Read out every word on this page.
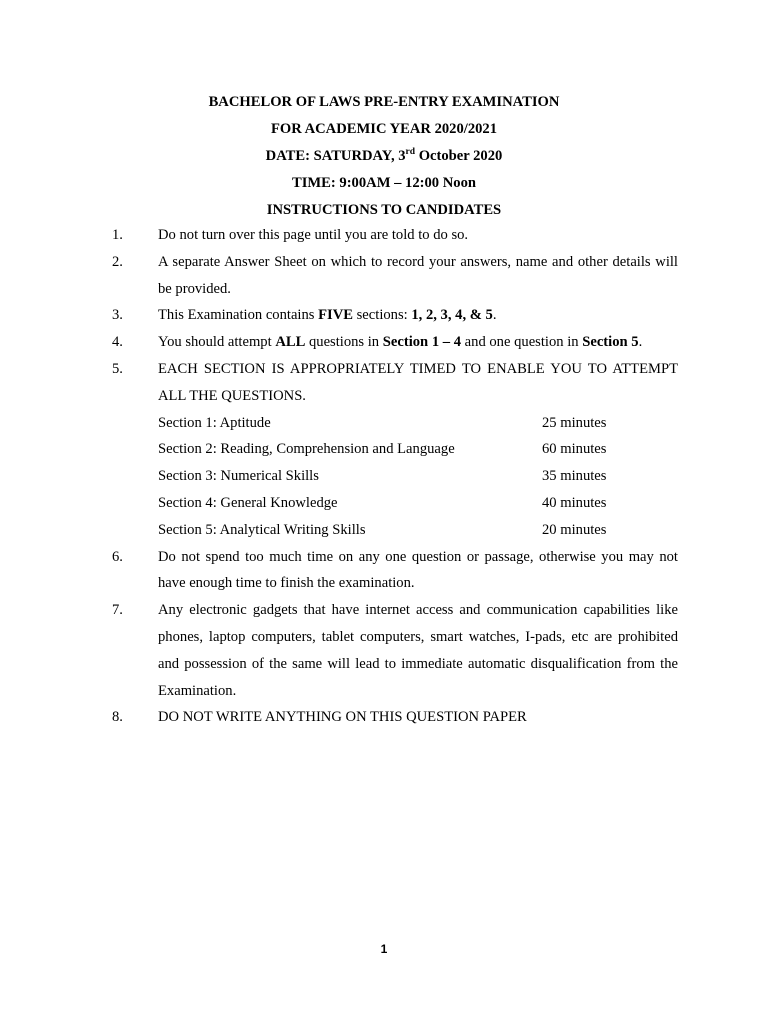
BACHELOR OF LAWS PRE-ENTRY EXAMINATION
FOR ACADEMIC YEAR 2020/2021
DATE: SATURDAY, 3rd October 2020
TIME: 9:00AM – 12:00 Noon
INSTRUCTIONS TO CANDIDATES
1. Do not turn over this page until you are told to do so.
2. A separate Answer Sheet on which to record your answers, name and other details will
be provided.
3. This Examination contains FIVE sections: 1, 2, 3, 4, & 5.
4. You should attempt ALL questions in Section 1 – 4 and one question in Section 5.
5. EACH SECTION IS APPROPRIATELY TIMED TO ENABLE YOU TO ATTEMPT
ALL THE QUESTIONS.
Section 1: Aptitude	25 minutes
Section 2: Reading, Comprehension and Language	60 minutes
Section 3: Numerical Skills	35 minutes
Section 4: General Knowledge	40 minutes
Section 5: Analytical Writing Skills	20 minutes
6. Do not spend too much time on any one question or passage, otherwise you may not
have enough time to finish the examination.
7. Any electronic gadgets that have internet access and communication capabilities like
phones, laptop computers, tablet computers, smart watches, I-pads, etc are prohibited
and possession of the same will lead to immediate automatic disqualification from the
Examination.
8. DO NOT WRITE ANYTHING ON THIS QUESTION PAPER
1
